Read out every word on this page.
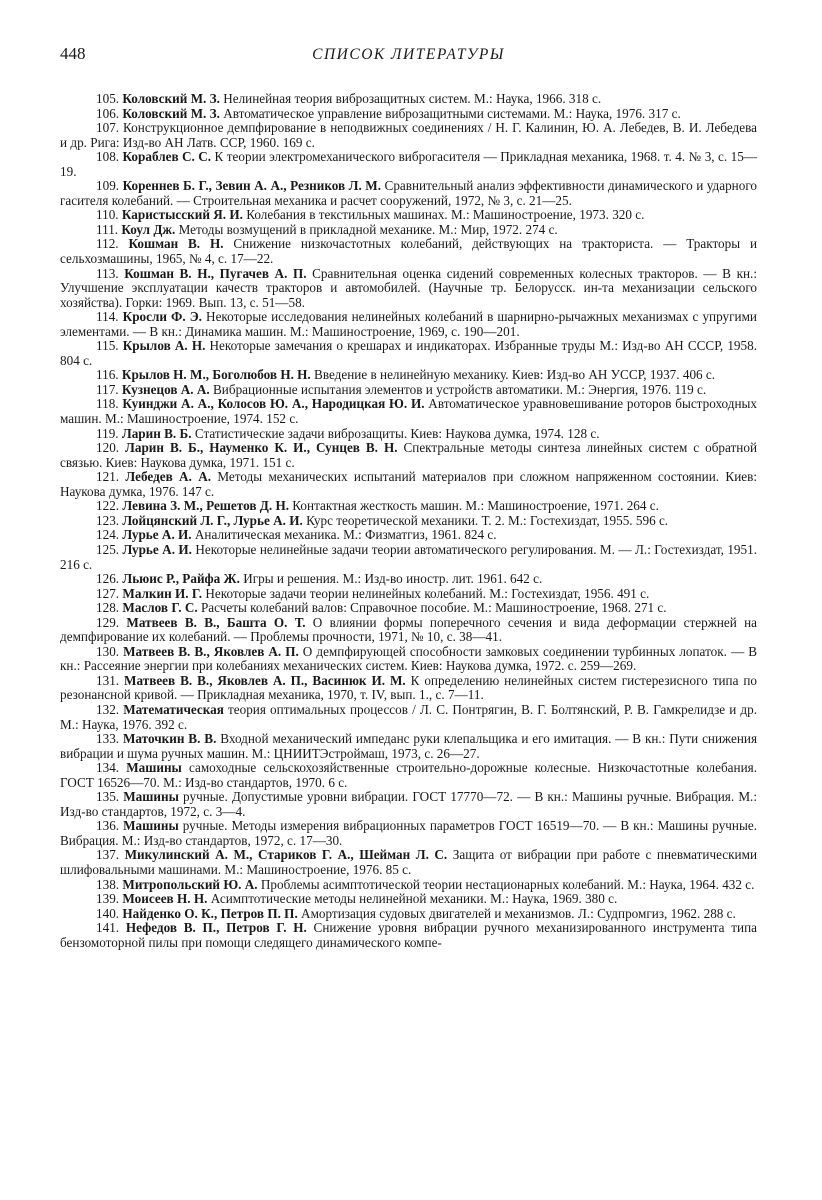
448	СПИСОК ЛИТЕРАТУРЫ

105. Коловский М. З. Нелинейная теория виброзащитных систем. М.: Наука, 1966. 318 с.

106. Коловский М. З. Автоматическое управление виброзащитными системами. М.: Наука, 1976. 317 с.

107. Конструкционное демпфирование в неподвижных соединениях / Н. Г. Калинин, Ю. А. Лебедев, В. И. Лебедева и др. Рига: Изд-во АН Латв. ССР, 1960. 169 с.

108. Кораблев С. С. К теории электромеханического виброгасителя — Прикладная механика, 1968. т. 4. № 3, с. 15—19.

109. Кореннев Б. Г., Зевин А. А., Резников Л. М. Сравнительный анализ эффективности динамического и ударного гасителя колебаний. — Строительная механика и расчет сооружений, 1972, № 3, с. 21—25.

110. Каристысский Я. И. Колебания в текстильных машинах. М.: Машиностроение, 1973. 320 с.

111. Коул Дж. Методы возмущений в прикладной механике. М.: Мир, 1972. 274 с.

112. Кошман В. Н. Снижение низкочастотных колебаний, действующих на тракториста. — Тракторы и сельхозмашины, 1965, № 4, с. 17—22.

113. Кошман В. Н., Пугачев А. П. Сравнительная оценка сидений современных колесных тракторов. — В кн.: Улучшение эксплуатации качеств тракторов и автомобилей. (Научные тр. Белорусск. ин-та механизации сельского хозяйства). Горки: 1969. Вып. 13, с. 51—58.

114. Кросли Ф. Э. Некоторые исследования нелинейных колебаний в шарнирно-рычажных механизмах с упругими элементами. — В кн.: Динамика машин. М.: Машиностроение, 1969, с. 190—201.

115. Крылов А. Н. Некоторые замечания о крешарах и индикаторах. Избранные труды М.: Изд-во АН СССР, 1958. 804 с.

116. Крылов Н. М., Боголюбов Н. Н. Введение в нелинейную механику. Киев: Изд-во АН УССР, 1937. 406 с.

117. Кузнецов А. А. Вибрационные испытания элементов и устройств автоматики. М.: Энергия, 1976. 119 с.

118. Куинджи А. А., Колосов Ю. А., Народицкая Ю. И. Автоматическое уравновешивание роторов быстроходных машин. М.: Машиностроение, 1974. 152 с.

119. Ларин В. Б. Статистические задачи виброзащиты. Киев: Наукова думка, 1974. 128 с.

120. Ларин В. Б., Науменко К. И., Сунцев В. Н. Спектральные методы синтеза линейных систем с обратной связью. Киев: Наукова думка, 1971. 151 с.

121. Лебедев А. А. Методы механических испытаний материалов при сложном напряженном состоянии. Киев: Наукова думка, 1976. 147 с.

122. Левина З. М., Решетов Д. Н. Контактная жесткость машин. М.: Машиностроение, 1971. 264 с.

123. Лойцянский Л. Г., Лурье А. И. Курс теоретической механики. Т. 2. М.: Гостехиздат, 1955. 596 с.

124. Лурье А. И. Аналитическая механика. М.: Физматгиз, 1961. 824 с.

125. Лурье А. И. Некоторые нелинейные задачи теории автоматического регулирования. М. — Л.: Гостехиздат, 1951. 216 с.

126. Льюис Р., Райфа Ж. Игры и решения. М.: Изд-во иностр. лит. 1961. 642 с.

127. Малкин И. Г. Некоторые задачи теории нелинейных колебаний. М.: Гостехиздат, 1956. 491 с.

128. Маслов Г. С. Расчеты колебаний валов: Справочное пособие. М.: Машиностроение, 1968. 271 с.

129. Матвеев В. В., Башта О. Т. О влиянии формы поперечного сечения и вида деформации стержней на демпфирование их колебаний. — Проблемы прочности, 1971, № 10, с. 38—41.

130. Матвеев В. В., Яковлев А. П. О демпфирующей способности замковых соединении турбинных лопаток. — В кн.: Рассеяние энергии при колебаниях механических систем. Киев: Наукова думка, 1972. с. 259—269.

131. Матвеев В. В., Яковлев А. П., Васинюк И. М. К определению нелинейных систем гистерезисного типа по резонансной кривой. — Прикладная механика, 1970, т. IV, вып. 1., с. 7—11.

132. Математическая теория оптимальных процессов / Л. С. Понтрягин, В. Г. Болтянский, Р. В. Гамкрелидзе и др. М.: Наука, 1976. 392 с.

133. Маточкин В. В. Входной механический импеданс руки клепальщика и его имитация. — В кн.: Пути снижения вибрации и шума ручных машин. М.: ЦНИИТЭстроймаш, 1973, с. 26—27.

134. Машины самоходные сельскохозяйственные строительно-дорожные колесные. Низкочастотные колебания. ГОСТ 16526—70. М.: Изд-во стандартов, 1970. 6 с.

135. Машины ручные. Допустимые уровни вибрации. ГОСТ 17770—72. — В кн.: Машины ручные. Вибрация. М.: Изд-во стандартов, 1972, с. 3—4.

136. Машины ручные. Методы измерения вибрационных параметров ГОСТ 16519—70. — В кн.: Машины ручные. Вибрация. М.: Изд-во стандартов, 1972, с. 17—30.

137. Микулинский А. М., Стариков Г. А., Шейман Л. С. Защита от вибрации при работе с пневматическими шлифовальными машинами. М.: Машиностроение, 1976. 85 с.

138. Митропольский Ю. А. Проблемы асимптотической теории нестационарных колебаний. М.: Наука, 1964. 432 с.

139. Моисеев Н. Н. Асимптотические методы нелинейной механики. М.: Наука, 1969. 380 с.

140. Найденко О. К., Петров П. П. Амортизация судовых двигателей и механизмов. Л.: Судпромгиз, 1962. 288 с.

141. Нефедов В. П., Петров Г. Н. Снижение уровня вибрации ручного механизированного инструмента типа бензомоторной пилы при помощи следящего динамического компе-
